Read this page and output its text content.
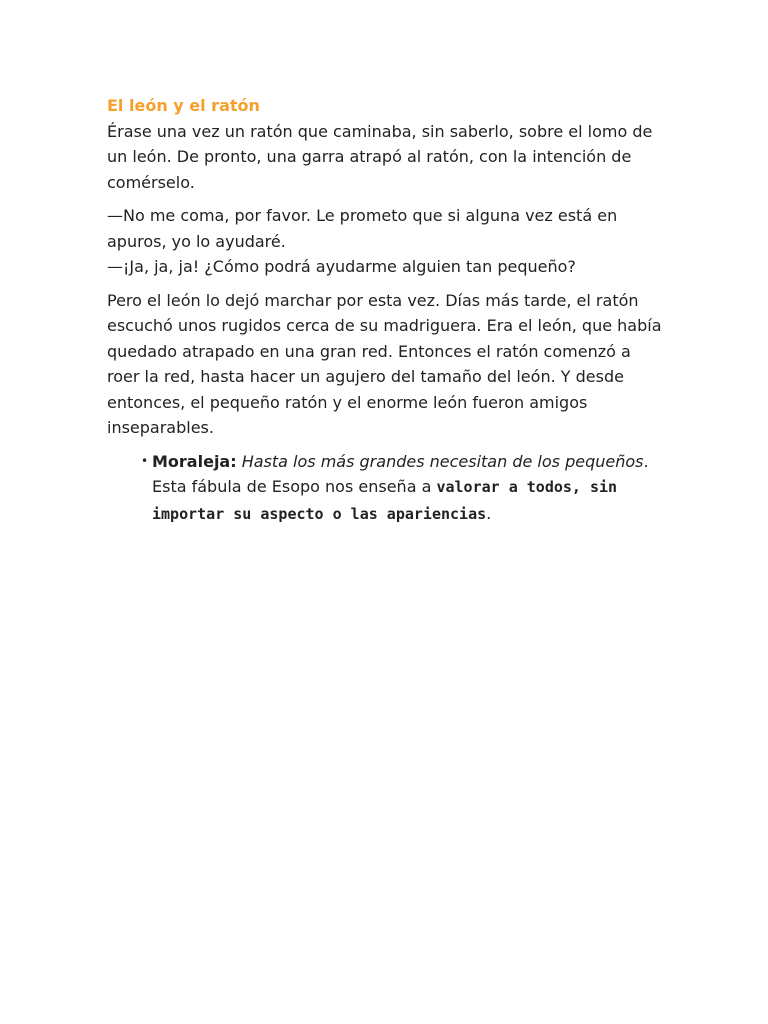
El león y el ratón

Érase una vez un ratón que caminaba, sin saberlo, sobre el lomo de un león. De pronto, una garra atrapó al ratón, con la intención de comérselo.

—No me coma, por favor. Le prometo que si alguna vez está en apuros, yo lo ayudaré.

—¡Ja, ja, ja! ¿Cómo podrá ayudarme alguien tan pequeño?

Pero el león lo dejó marchar por esta vez. Días más tarde, el ratón escuchó unos rugidos cerca de su madriguera. Era el león, que había quedado atrapado en una gran red. Entonces el ratón comenzó a roer la red, hasta hacer un agujero del tamaño del león. Y desde entonces, el pequeño ratón y el enorme león fueron amigos inseparables.

• Moraleja: Hasta los más grandes necesitan de los pequeños.
Esta fábula de Esopo nos enseña a valorar a todos, sin importar su aspecto o las apariencias.
